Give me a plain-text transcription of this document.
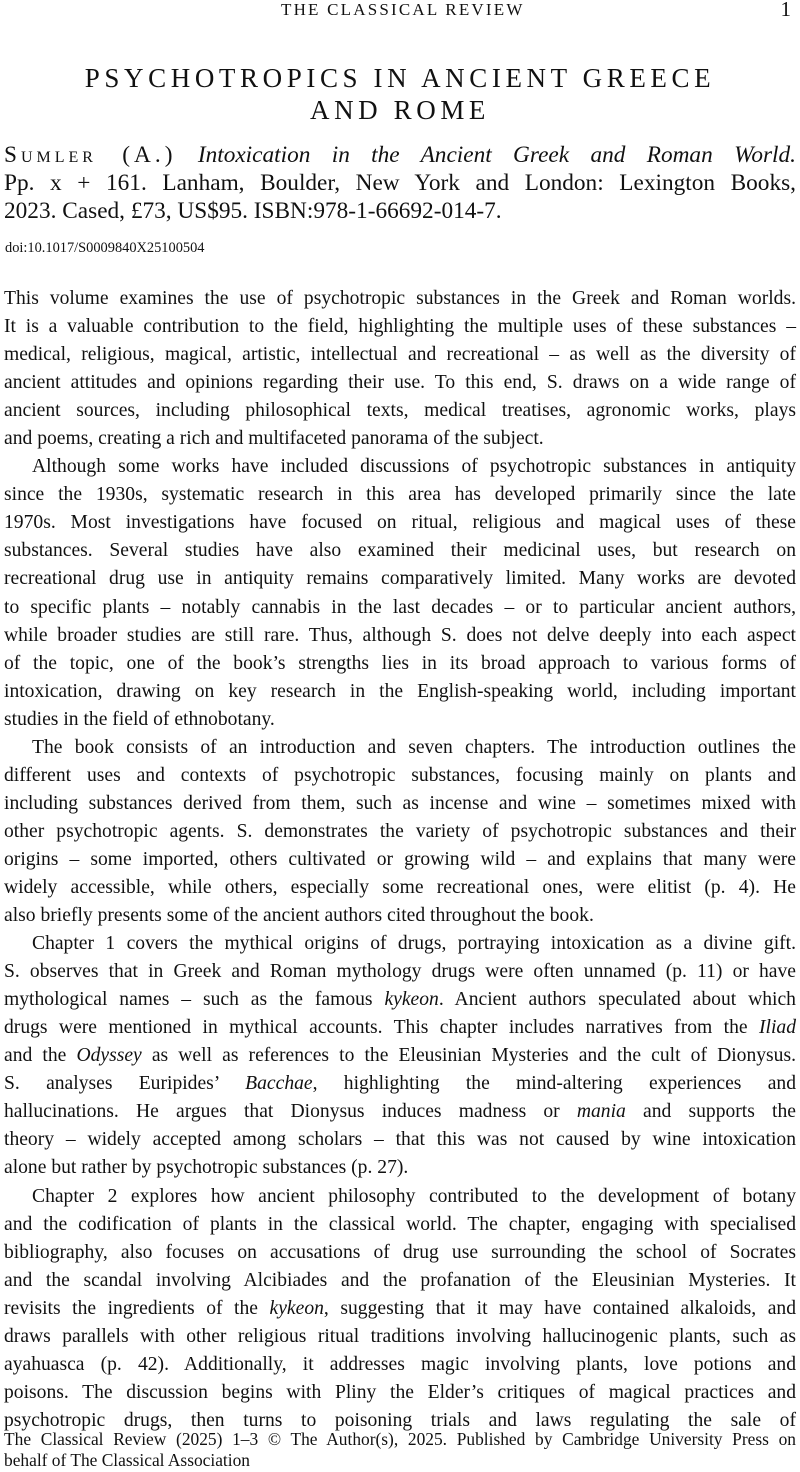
THE CLASSICAL REVIEW	1
PSYCHOTROPICS IN ANCIENT GREECE
AND ROME
Sumler (A.) Intoxication in the Ancient Greek and Roman World.
Pp. x + 161. Lanham, Boulder, New York and London: Lexington Books,
2023. Cased, £73, US$95. ISBN:978-1-66692-014-7.
doi:10.1017/S0009840X25100504
This volume examines the use of psychotropic substances in the Greek and Roman worlds.
It is a valuable contribution to the field, highlighting the multiple uses of these substances –
medical, religious, magical, artistic, intellectual and recreational – as well as the diversity of
ancient attitudes and opinions regarding their use. To this end, S. draws on a wide range of
ancient sources, including philosophical texts, medical treatises, agronomic works, plays
and poems, creating a rich and multifaceted panorama of the subject.
Although some works have included discussions of psychotropic substances in antiquity
since the 1930s, systematic research in this area has developed primarily since the late
1970s. Most investigations have focused on ritual, religious and magical uses of these
substances. Several studies have also examined their medicinal uses, but research on
recreational drug use in antiquity remains comparatively limited. Many works are devoted
to specific plants – notably cannabis in the last decades – or to particular ancient authors,
while broader studies are still rare. Thus, although S. does not delve deeply into each aspect
of the topic, one of the book’s strengths lies in its broad approach to various forms of
intoxication, drawing on key research in the English-speaking world, including important
studies in the field of ethnobotany.
The book consists of an introduction and seven chapters. The introduction outlines the
different uses and contexts of psychotropic substances, focusing mainly on plants and
including substances derived from them, such as incense and wine – sometimes mixed with
other psychotropic agents. S. demonstrates the variety of psychotropic substances and their
origins – some imported, others cultivated or growing wild – and explains that many were
widely accessible, while others, especially some recreational ones, were elitist (p. 4). He
also briefly presents some of the ancient authors cited throughout the book.
Chapter 1 covers the mythical origins of drugs, portraying intoxication as a divine gift.
S. observes that in Greek and Roman mythology drugs were often unnamed (p. 11) or have
mythological names – such as the famous kykeon. Ancient authors speculated about which
drugs were mentioned in mythical accounts. This chapter includes narratives from the Iliad
and the Odyssey as well as references to the Eleusinian Mysteries and the cult of Dionysus.
S. analyses Euripides’ Bacchae, highlighting the mind-altering experiences and
hallucinations. He argues that Dionysus induces madness or mania and supports the
theory – widely accepted among scholars – that this was not caused by wine intoxication
alone but rather by psychotropic substances (p. 27).
Chapter 2 explores how ancient philosophy contributed to the development of botany
and the codification of plants in the classical world. The chapter, engaging with specialised
bibliography, also focuses on accusations of drug use surrounding the school of Socrates
and the scandal involving Alcibiades and the profanation of the Eleusinian Mysteries. It
revisits the ingredients of the kykeon, suggesting that it may have contained alkaloids, and
draws parallels with other religious ritual traditions involving hallucinogenic plants, such as
ayahuasca (p. 42). Additionally, it addresses magic involving plants, love potions and
poisons. The discussion begins with Pliny the Elder’s critiques of magical practices and
psychotropic drugs, then turns to poisoning trials and laws regulating the sale of
The Classical Review (2025) 1–3 © The Author(s), 2025. Published by Cambridge University Press on
behalf of The Classical Association
